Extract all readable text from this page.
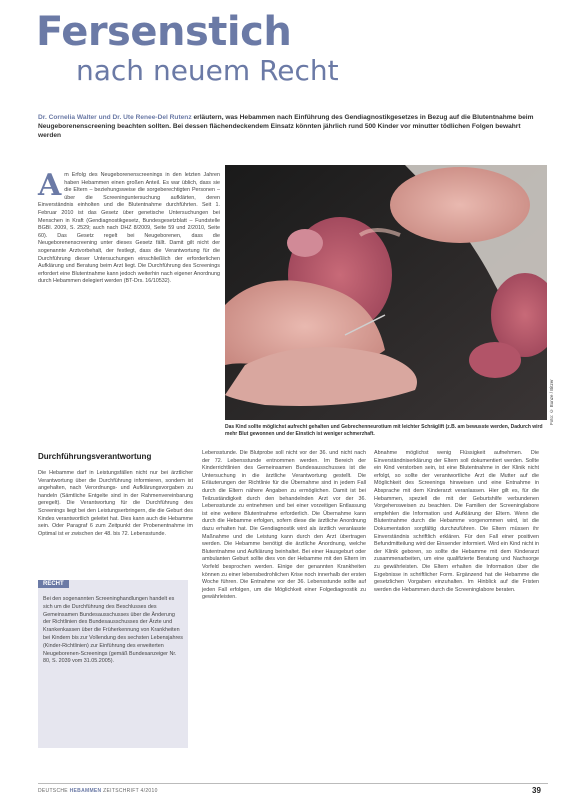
Fersenstich
nach neuem Recht
Dr. Cornelia Walter und Dr. Ute Renee-Del Rutenz erläutern, was Hebammen nach Einführung des Gendiagnostikgesetzes in Bezug auf die Blutentnahme beim Neugeborenenscreening beachten sollten. Bei dessen flächendeckendem Einsatz könnten jährlich rund 500 Kinder vor minutter tödlichen Folgen bewahrt werden
A m Erfolg des Neugeborenenscreenings in den letzten Jahren haben Hebammen einen großen Anteil. Es war üblich, dass sie die Eltern – beziehungsweise die sorgeberechtigten Personen – über die Screeninguntersuchung aufklärten, deren Einverständnis einholten und die Blutentnahme durchführten. Seit 1. Februar 2010 ist das Gesetz über genetische Untersuchungen bei Menschen in Kraft (Gendiagnostikgesetz, Bundesgesetzblatt – Fundstelle BGBl. 2009, S. 2529; auch nach DHZ 8/2009, Seite 59 und 2/2010, Seite 60). Das Gesetz regelt bei Neugeborenen, dass die Neugeborenenscreening unter dieses Gesetz fällt. Damit gilt nicht der sogenannte Arztvorbehalt, der festlegt, dass die Verantwortung für die Durchführung dieser Untersuchungen einschließlich der erforderlichen Aufklärung und Beratung beim Arzt liegt. Die Durchführung des Screenings erfordert eine Blutentnahme kann jedoch weiterhin nach eigener Anordnung durch Hebammen delegiert werden (BT-Drs. 16/10532).

Foto: © Bunze / Bitzer
Das Kind sollte möglichst aufrecht gehalten und Gebrechenneurotium mit leichter Schräglift (z.B. am bewusste werden, Dadurch wird mehr Blut gewonnen und der Einstich ist weniger schmerzhaft.
Durchführungsverantwortung

Die Hebamme darf in Leistungsfällen nicht nur bei ärztlicher Verantwortung über die Durchführung informieren, sondern ist angehalten, nach Verordnungs- und Aufklärungsvorgaben zu handeln (Sämtliche Entgelte sind in der Rahmenvereinbarung geregelt). Die Verantwortung für die Durchführung des Screenings liegt bei den Leistungserbringern, die die Geburt des Kindes verantwortlich geleitet hat. Dies kann auch die Hebamme sein. Oder Paragraf 6 zum Zeitpunkt der Probenentnahme im Optimal ist er zwischen der 48. bis 72. Lebensstunde.

Lebensstunde. Die Blutprobe soll nicht vor der 36. und nicht nach der 72. Lebensstunde entnommen werden. Im Bereich der Kinderrichtlinien des Gemeinsamen Bundesausschusses ist die Untersuchung in die ärztliche Verantwortung gestellt. Die Erläuterungen der Richtlinie für die Übernahme sind in jedem Fall durch die Eltern nähere Angaben zu ermöglichen. Damit ist bei Teilzuständigkeit durch den behandelnden Arzt vor der 36. Lebensstunde zu entnehmen und bei einer vorzeitigen Entlassung ist eine weitere Blutentnahme erforderlich. Die Übernahme kann durch die Hebamme erfolgen, sofern diese die ärztliche Anordnung dazu erhalten hat. Die Gendiagnostik wird als ärztlich veranlasste Maßnahme und die Leistung kann durch den Arzt übertragen werden. Die Hebamme benötigt die ärztliche Anordnung, welche Blutentnahme und Aufklärung beinhaltet. Bei einer Hausgeburt oder ambulanten Geburt sollte dies von der Hebamme mit den Eltern im Vorfeld besprochen werden. Einige der genannten Krankheiten können zu einer lebensbedrohlichen Krise noch innerhalb der ersten Woche führen. Die Entnahme vor der 36. Lebensstunde sollte auf jeden Fall erfolgen, um die Möglichkeit einer Folgediagnostik zu gewährleisten.

Abnahme möglichst wenig Flüssigkeit aufnehmen. Die Einverständniserklärung der Eltern soll dokumentiert werden. Sollte ein Kind verstorben sein, ist eine Blutentnahme in der Klinik nicht erfolgt, so sollte der verantwortliche Arzt die Mutter auf die Möglichkeit des Screenings hinweisen und eine Entnahme in Absprache mit dem Kinderarzt veranlassen. Hier gilt es, für die Hebammen, speziell die mit der Geburtshilfe verbundenen Vorgehensweisen zu beachten. Die Familien der Screeninglabore empfehlen die Information und Aufklärung der Eltern. Wenn die Blutentnahme durch die Hebamme vorgenommen wird, ist die Dokumentation sorgfältig durchzuführen. Die Eltern müssen ihr Einverständnis schriftlich erklären. Für den Fall einer positiven Befundmitteilung wird der Einsender informiert. Wird ein Kind nicht in der Klinik geboren, so sollte die Hebamme mit dem Kinderarzt zusammenarbeiten, um eine qualifizierte Beratung und Nachsorge zu gewährleisten. Die Eltern erhalten die Information über die Ergebnisse in schriftlicher Form. Ergänzend hat die Hebamme die gesetzlichen Vorgaben einzuhalten. Im Hinblick auf die Fristen werden die Hebammen durch die Screeninglabore beraten.

RECHT
Bei den sogenannten Screeninghandlungen handelt es sich um die Durchführung des Beschlusses des Gemeinsamen Bundesausschusses über die Änderung der Richtlinien des Bundesausschusses der Ärzte und Krankenkassen über die Früherkennung von Krankheiten bei Kindern bis zur Vollendung des sechsten Lebensjahres (Kinder-Richtlinien) zur Einführung des erweiterten Neugeborenen-Screenings (gemäß Bundesanzeiger Nr. 80, S. 2039 vom 31.05.2005).
DEUTSCHE HEBAMMEN ZEITSCHRIFT 4/2010	39
